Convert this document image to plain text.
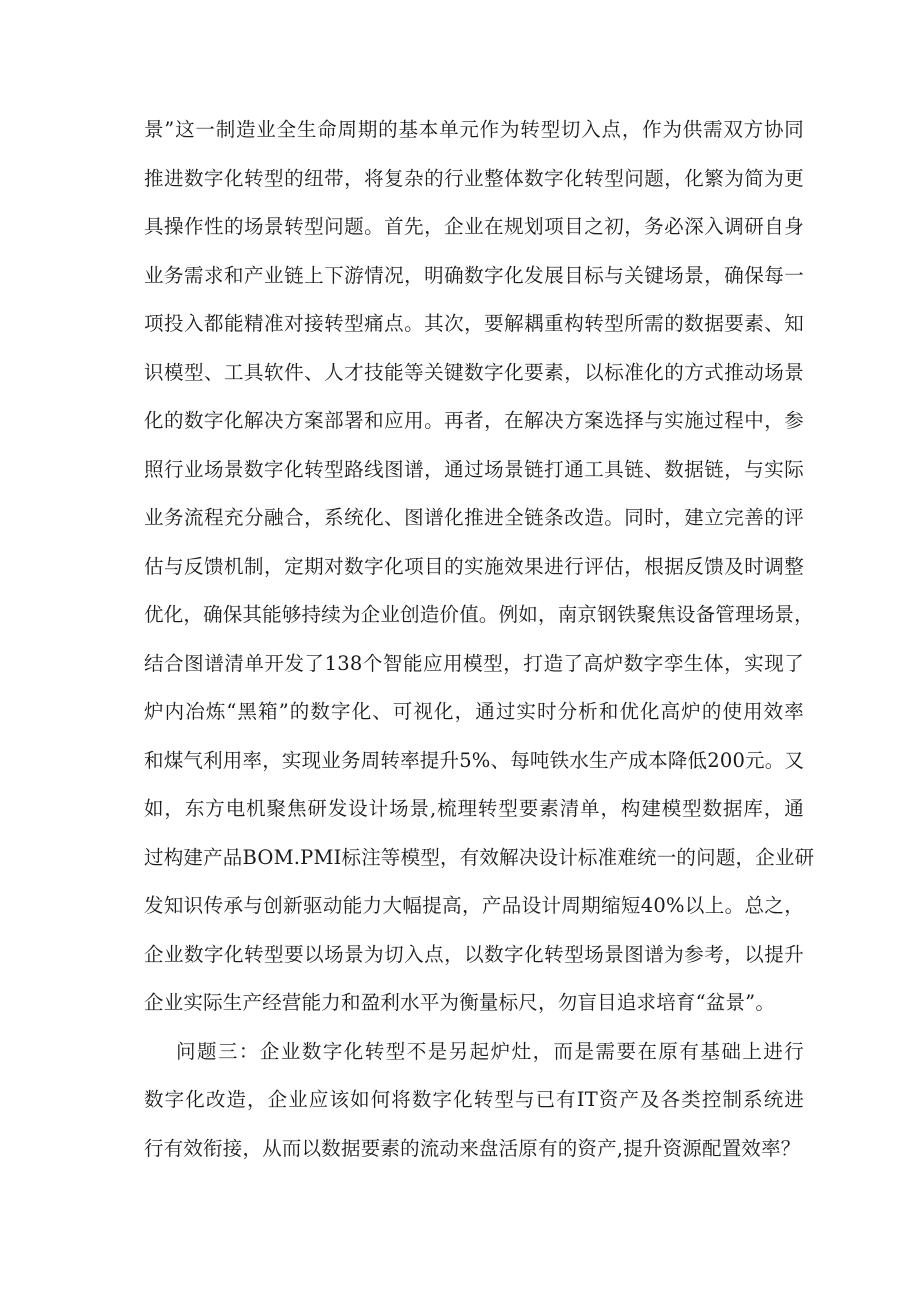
景”这一制造业全生命周期的基本单元作为转型切入点，作为供需双方协同
推进数字化转型的纽带，将复杂的行业整体数字化转型问题，化繁为简为更
具操作性的场景转型问题。首先，企业在规划项目之初，务必深入调研自身
业务需求和产业链上下游情况，明确数字化发展目标与关键场景，确保每一
项投入都能精准对接转型痛点。其次，要解耦重构转型所需的数据要素、知
识模型、工具软件、人才技能等关键数字化要素，以标准化的方式推动场景
化的数字化解决方案部署和应用。再者，在解决方案选择与实施过程中，参
照行业场景数字化转型路线图谱，通过场景链打通工具链、数据链，与实际
业务流程充分融合，系统化、图谱化推进全链条改造。同时，建立完善的评
估与反馈机制，定期对数字化项目的实施效果进行评估，根据反馈及时调整
优化，确保其能够持续为企业创造价值。例如，南京钢铁聚焦设备管理场景，
结合图谱清单开发了138个智能应用模型，打造了高炉数字孪生体，实现了
炉内冶炼“黑箱”的数字化、可视化，通过实时分析和优化高炉的使用效率
和煤气利用率，实现业务周转率提升5%、每吨铁水生产成本降低200元。又
如，东方电机聚焦研发设计场景,梳理转型要素清单，构建模型数据库，通
过构建产品BOM.PMI标注等模型，有效解决设计标准难统一的问题，企业研
发知识传承与创新驱动能力大幅提高，产品设计周期缩短40%以上。总之，
企业数字化转型要以场景为切入点，以数字化转型场景图谱为参考，以提升
企业实际生产经营能力和盈利水平为衡量标尺，勿盲目追求培育“盆景”。
问题三：企业数字化转型不是另起炉灶，而是需要在原有基础上进行
数字化改造，企业应该如何将数字化转型与已有IT资产及各类控制系统进
行有效衔接，从而以数据要素的流动来盘活原有的资产,提升资源配置效率？
